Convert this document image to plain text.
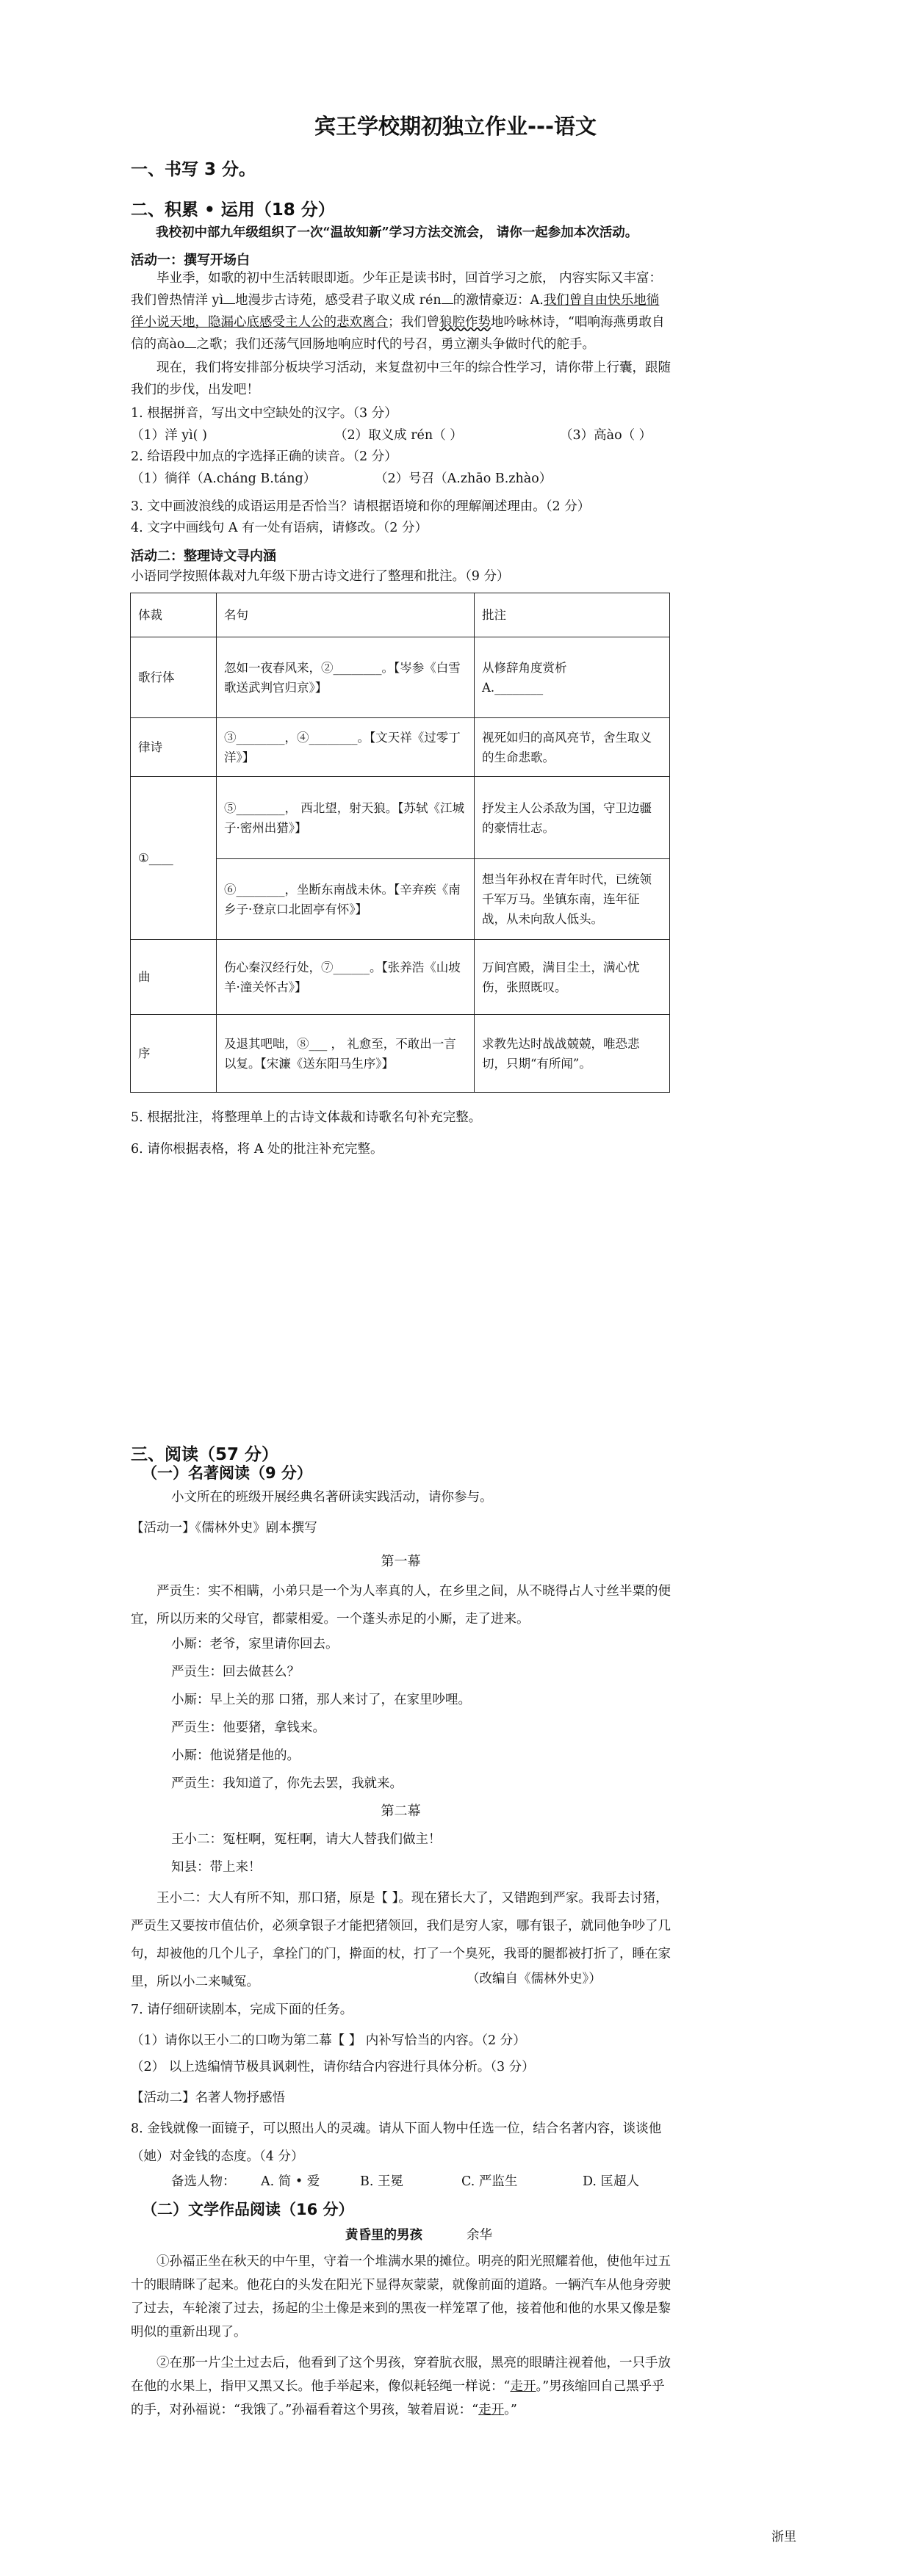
宾王学校期初独立作业---语文
一、书写 3 分。
二、积累 • 运用（18 分）
我校初中部九年级组织了一次“温故知新”学习方法交流会， 请你一起参加本次活动。
活动一：撰写开场白
毕业季，如歌的初中生活转眼即逝。少年正是读书时，回首学习之旅， 内容实际又丰富：我们曾热情洋 yì 地漫步古诗苑，感受君子取义成 rén 的激情豪迈：A.我们曾自由快乐地徜徉小说天地，隐漏心底感受主人公的悲欢离合；我们曾狼腔作势地吟咏林诗，“唱响海燕勇敢自信的高ào 之歌；我们还荡气回肠地响应时代的号召，勇立潮头争做时代的舵手。
现在，我们将安排部分板块学习活动，来复盘初中三年的综合性学习，请你带上行囊，跟随我们的步伐，出发吧！
1. 根据拼音，写出文中空缺处的汉字。（3 分）
（1）洋 yì( )	（2）取义成 rén（ ）	（3）高ào（ ）
2. 给语段中加点的字选择正确的读音。（2 分）
（1）徜徉（A.cháng B.táng）	（2）号召（A.zhāo B.zhào）
3. 文中画波浪线的成语运用是否恰当？请根据语境和你的理解阐述理由。（2 分）
4. 文字中画线句 A 有一处有语病，请修改。（2 分）
活动二：整理诗文寻内涵
小语同学按照体裁对九年级下册古诗文进行了整理和批注。（9 分）
体裁	名句	批注
歌行体	忽如一夜春风来，②________。【岑参《白雪歌送武判官归京》】	从修辞角度赏析
A.________

律诗	③________，④________。【文天祥《过零丁洋》】	视死如归的高风亮节，舍生取义的生命悲歌。
①____	⑤________， 西北望，射天狼。【苏轼《江城子·密州出猎》】	抒发主人公杀敌为国，守卫边疆的豪情壮志。
	⑥________，坐断东南战未休。【辛弃疾《南乡子·登京口北固亭有怀》】	想当年孙权在青年时代，已统领千军万马。坐镇东南，连年征战，从未向敌人低头。
曲	伤心秦汉经行处，⑦______。【张养浩《山坡羊·潼关怀古》】	万间宫殿，满目尘土，满心忧伤，张照既叹。
序	及退其吧咄，⑧___ ， 礼愈至，不敢出一言以复。【宋濂《送东阳马生序》】	求教先达时战战兢兢，唯恐悲切，只期“有所闻”。
5. 根据批注，将整理单上的古诗文体裁和诗歌名句补充完整。
6. 请你根据表格，将 A 处的批注补充完整。
三、阅读（57 分）
（一）名著阅读（9 分）
小文所在的班级开展经典名著研读实践活动，请你参与。
【活动一】《儒林外史》剧本撰写
第一幕
严贡生：实不相瞒，小弟只是一个为人率真的人，在乡里之间，从不晓得占人寸丝半粟的便宜，所以历来的父母官，都蒙相爱。一个蓬头赤足的小厮，走了进来。
小厮：老爷，家里请你回去。
严贡生：回去做甚么？
小厮：早上关的那 口猪，那人来讨了，在家里吵哩。
严贡生：他要猪，拿钱来。
小厮：他说猪是他的。
严贡生：我知道了，你先去罢，我就来。
第二幕
王小二：冤枉啊，冤枉啊，请大人替我们做主！
知县：带上来！
王小二：大人有所不知，那口猪，原是【 】。现在猪长大了，又错跑到严家。我哥去讨猪，严贡生又要按市值估价，必须拿银子才能把猪领回，我们是穷人家，哪有银子，就同他争吵了几句，却被他的几个儿子，拿拴门的门，擀面的杖，打了一个臭死，我哥的腿都被打折了，睡在家里，所以小二来喊冤。	（改编自《儒林外史》）
7. 请仔细研读剧本，完成下面的任务。
（1）请你以王小二的口吻为第二幕【 】 内补写恰当的内容。（2 分）
（2） 以上选编情节极具讽刺性，请你结合内容进行具体分析。（3 分）
【活动二】名著人物抒感悟
8. 金钱就像一面镜子，可以照出人的灵魂。请从下面人物中任选一位，结合名著内容，谈谈他（她）对金钱的态度。（4 分）
备选人物： A. 简 • 爱	B. 王冕	C. 严监生	D. 匡超人
（二）文学作品阅读（16 分）
黄昏里的男孩	余华
①孙福正坐在秋天的中午里，守着一个堆满水果的摊位。明亮的阳光照耀着他，使他年过五十的眼睛眯了起来。他花白的头发在阳光下显得灰蒙蒙，就像前面的道路。一辆汽车从他身旁驶了过去，车轮滚了过去，扬起的尘土像是来到的黑夜一样笼罩了他，接着他和他的水果又像是黎明似的重新出现了。
②在那一片尘土过去后，他看到了这个男孩，穿着肮衣服，黑亮的眼睛注视着他，一只手放在他的水果上，指甲又黑又长。他手举起来，像似耗轻绳一样说：“走开。”男孩缩回自己黑乎乎的手，对孙福说：“我饿了。”孙福看着这个男孩，皱着眉说：“走开。”
浙里
